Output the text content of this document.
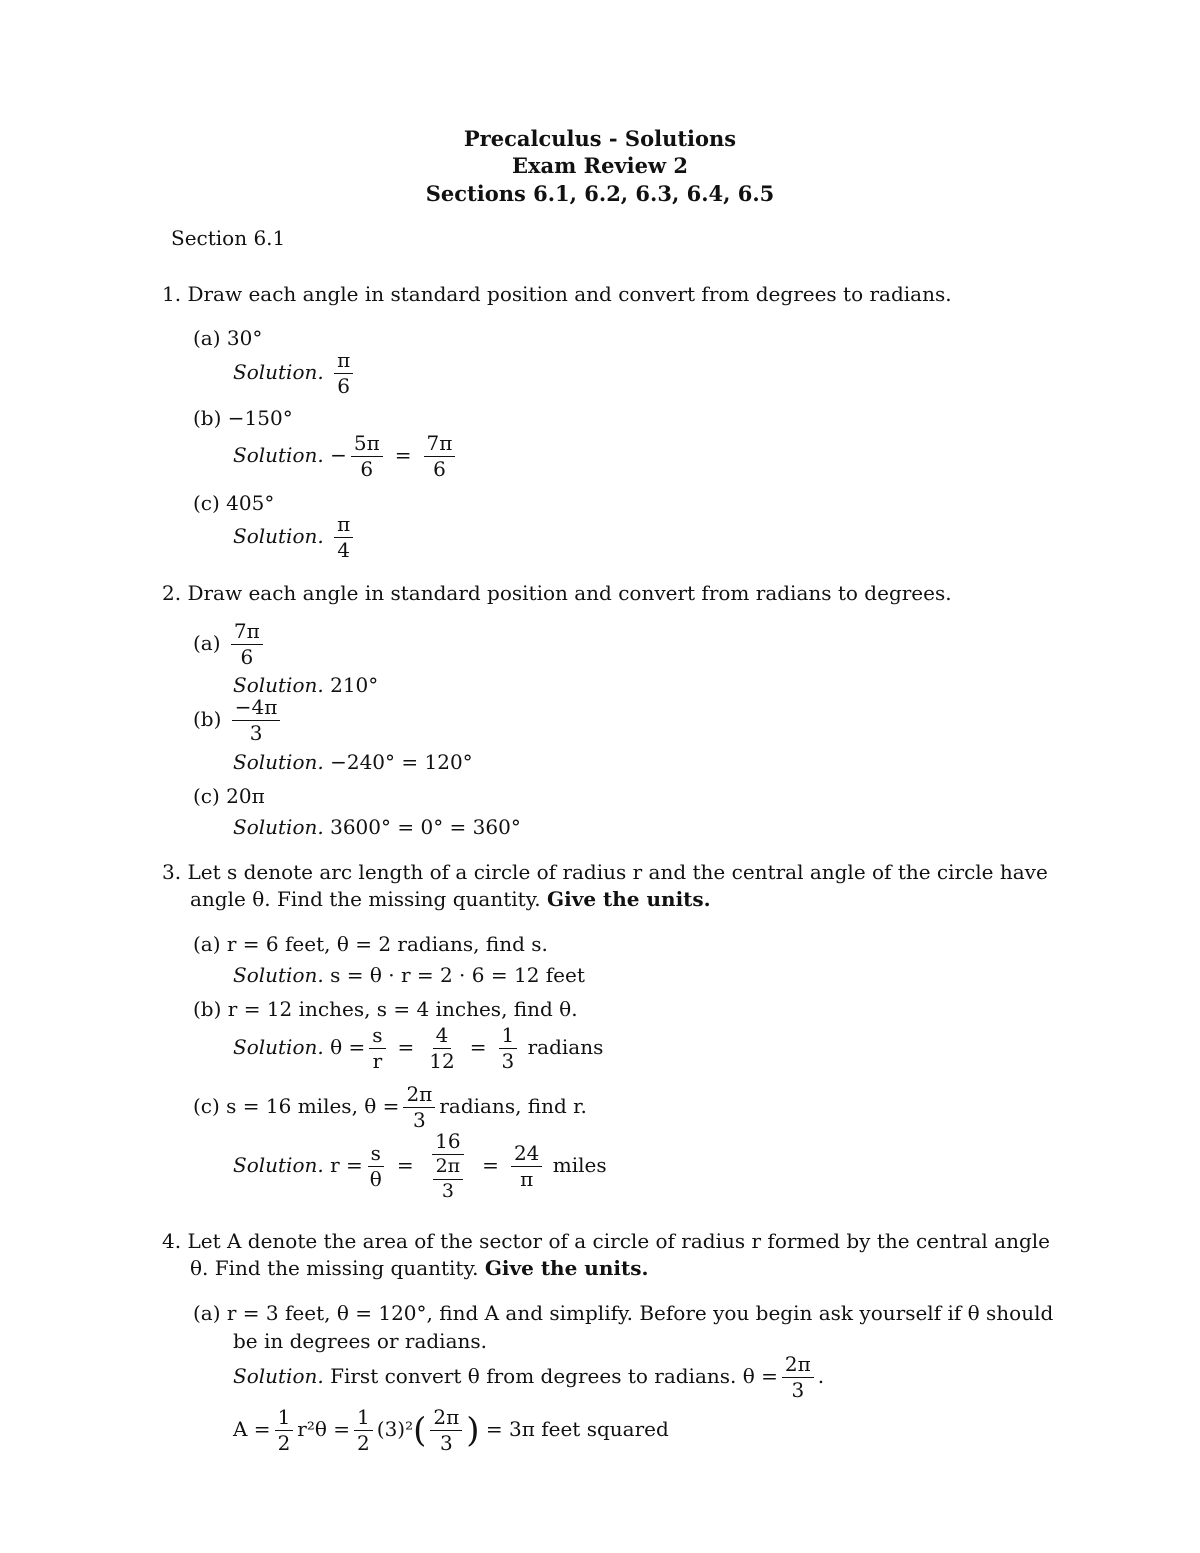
Precalculus - Solutions
Exam Review 2
Sections 6.1, 6.2, 6.3, 6.4, 6.5
Section 6.1
1. Draw each angle in standard position and convert from degrees to radians.
(a) 30°
Solution. $\frac{\pi}{6}$
(b) −150°
Solution. − $\frac{5\pi}{6} = \frac{7\pi}{6}$
(c) 405°
Solution. $\frac{\pi}{4}$
2. Draw each angle in standard position and convert from radians to degrees.
$(a) \frac{7\pi}{6}$
Solution. 210°
$(b) \frac{-4\pi}{3}$
Solution. −240° = 120°
(c) 20π
Solution. 3600° = 0° = 360°
3. Let s denote arc length of a circle of radius r and the central angle of the circle have
angle θ. Find the missing quantity. Give the units.
(a) r = 6 feet, θ = 2 radians, find s.
Solution. s = θ · r = 2 · 6 = 12 feet
(b) r = 12 inches, s = 4 inches, find θ.
Solution. $\theta = \frac{s}{r} = \frac{4}{12} = \frac{1}{3}$ radians
(c) s = 16 miles, $\theta = \frac{2\pi}{3}$ radians, find r.
Solution. $r = \frac{s}{\theta} = \frac{16}{\frac{2\pi}{3}} = \frac{24}{\pi}$ miles
4. Let A denote the area of the sector of a circle of radius r formed by the central angle
θ. Find the missing quantity. Give the units.
(a) r = 3 feet, θ = 120°, find A and simplify. Before you begin ask yourself if θ should
be in degrees or radians.
Solution. First convert θ from degrees to radians. $\theta = \frac{2\pi}{3}$ .
$A = \frac{1}{2} r^2\theta = \frac{1}{2} (3)^2( \frac{2\pi}{3}$ ) = 3π feet squared
